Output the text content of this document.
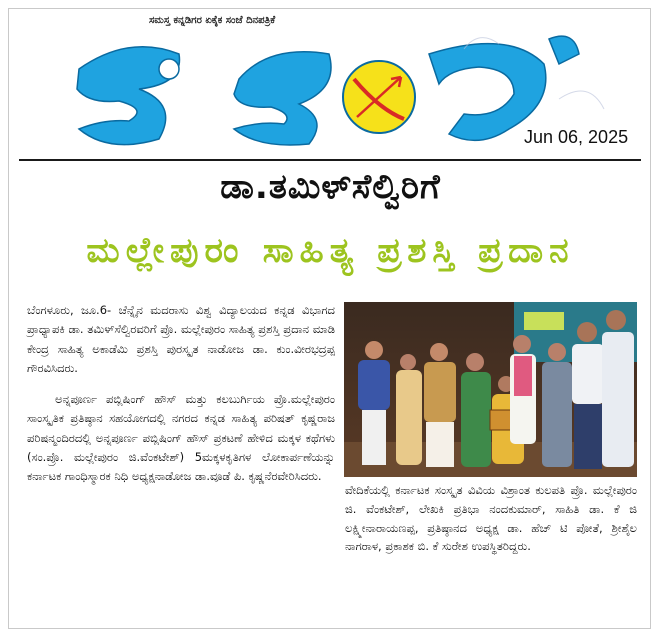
ಸಮಸ್ತ ಕನ್ನಡಿಗರ ಏಕೈಕ ಸಂಜೆ ದಿನಪತ್ರಿಕೆ
Jun 06, 2025
ಡಾ.ತಮಿಳ್‌ಸೆಲ್ವಿರಿಗೆ
ಮಲ್ಲೇಪುರಂ ಸಾಹಿತ್ಯ ಪ್ರಶಸ್ತಿ ಪ್ರದಾನ

ಬೆಂಗಳೂರು, ಜೂ.6- ಚೆನ್ನೈನ ಮದರಾಸು ವಿಶ್ವ ವಿದ್ಯಾಲಯದ ಕನ್ನಡ ವಿಭಾಗದ ಪ್ರಾಧ್ಯಾಪಕಿ ಡಾ. ತಮಿಳ್‌ಸೆಲ್ವಿರವರಿಗೆ ಪ್ರೊ. ಮಲ್ಲೇಪುರಂ ಸಾಹಿತ್ಯ ಪ್ರಶಸ್ತಿ ಪ್ರದಾನ ಮಾಡಿ ಕೇಂದ್ರ ಸಾಹಿತ್ಯ ಅಕಾಡೆಮಿ ಪ್ರಶಸ್ತಿ ಪುರಸ್ಕೃತ ನಾಡೋಜ ಡಾ. ಕುಂ.ವೀರಭದ್ರಪ್ಪ ಗೌರವಿಸಿದರು.

ಅನ್ನಪೂರ್ಣ ಪಬ್ಲಿಷಿಂಗ್ ಹೌಸ್ ಮತ್ತು ಕಲಬುರ್ಗಿಯ ಪ್ರೊ.ಮಲ್ಲೇಪುರಂ ಸಾಂಸ್ಕೃತಿಕ ಪ್ರತಿಷ್ಠಾನ ಸಹಯೋಗದಲ್ಲಿ ನಗರದ ಕನ್ನಡ ಸಾಹಿತ್ಯ ಪರಿಷತ್ ಕೃಷ್ಣರಾಜ ಪರಿಷನ್ಮಂದಿರದಲ್ಲಿ ಅನ್ನಪೂರ್ಣ ಪಬ್ಲಿಷಿಂಗ್ ಹೌಸ್ ಪ್ರಕಟಣೆ ಹೇಳಿದ ಮಕ್ಕಳ ಕಥೆಗಳು (ಸಂ.ಪ್ರೊ. ಮಲ್ಲೇಪುರಂ ಜಿ.ವೆಂಕಟೇಶ್) 5ಮಕ್ಕಳಕೃತಿಗಳ ಲೋಕಾರ್ಪಣೆಯನ್ನು ಕರ್ನಾಟಕ ಗಾಂಧಿಸ್ಮಾರಕ ನಿಧಿ ಅಧ್ಯಕ್ಷನಾಡೋಜ ಡಾ.ವೂಡೆ ಪಿ. ಕೃಷ್ಣನೆರವೇರಿಸಿದರು.

ವೇದಿಕೆಯಲ್ಲಿ ಕರ್ನಾಟಕ ಸಂಸ್ಕೃತ ವಿವಿಯ ವಿಶ್ರಾಂತ ಕುಲಪತಿ ಪ್ರೊ. ಮಲ್ಲೇಪುರಂ ಜಿ. ವೆಂಕಟೇಶ್, ಲೇಖಕಿ ಪ್ರತಿಭಾ ನಂದಕುಮಾರ್, ಸಾಹಿತಿ ಡಾ. ಕೆ ಜಿ ಲಕ್ಷ್ಮೀನಾರಾಯಣಪ್ಪ, ಪ್ರತಿಷ್ಠಾನದ ಅಧ್ಯಕ್ಷ ಡಾ. ಹೆಚ್ ಟಿ ಪೋತೆ, ಶ್ರೀಶೈಲ ನಾಗರಾಳ, ಪ್ರಕಾಶಕ ಬಿ. ಕೆ ಸುರೇಶ ಉಪಸ್ಥಿತರಿದ್ದರು.
